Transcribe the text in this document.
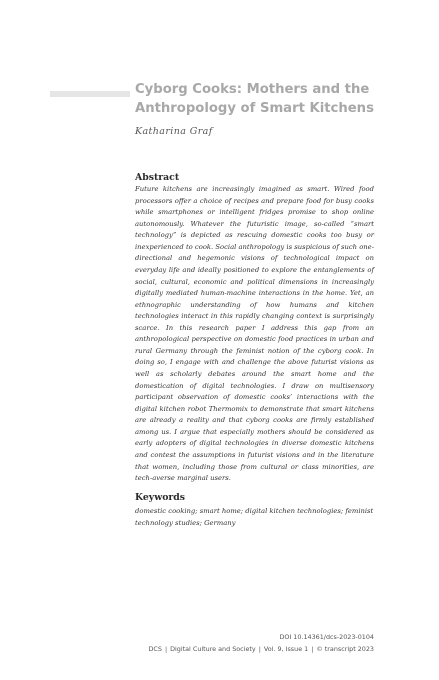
Cyborg Cooks: Mothers and the Anthropology of Smart Kitchens
Katharina Graf
Abstract

Future kitchens are increasingly imagined as smart. Wired food processors offer a choice of recipes and prepare food for busy cooks while smartphones or intelligent fridges promise to shop online autonomously. Whatever the futuristic image, so-called “smart technology” is depicted as rescuing domestic cooks too busy or inexperienced to cook. Social anthropology is suspicious of such one-directional and hegemonic visions of technological impact on everyday life and ideally positioned to explore the entanglements of social, cultural, economic and political dimensions in increasingly digitally mediated human-machine interactions in the home. Yet, an ethnographic understanding of how humans and kitchen technologies interact in this rapidly changing context is surprisingly scarce. In this research paper I address this gap from an anthropological perspective on domestic food practices in urban and rural Germany through the feminist notion of the cyborg cook. In doing so, I engage with and challenge the above futurist visions as well as scholarly debates around the smart home and the domestication of digital technologies. I draw on multisensory participant observation of domestic cooks’ interactions with the digital kitchen robot Thermomix to demonstrate that smart kitchens are already a reality and that cyborg cooks are firmly established among us. I argue that especially mothers should be considered as early adopters of digital technologies in diverse domestic kitchens and contest the assumptions in futurist visions and in the literature that women, including those from cultural or class minorities, are tech-averse marginal users.

Keywords

domestic cooking; smart home; digital kitchen technologies; feminist technology studies; Germany

DOI 10.14361/dcs-2023-0104
DCS | Digital Culture and Society | Vol. 9, Issue 1 | © transcript 2023
